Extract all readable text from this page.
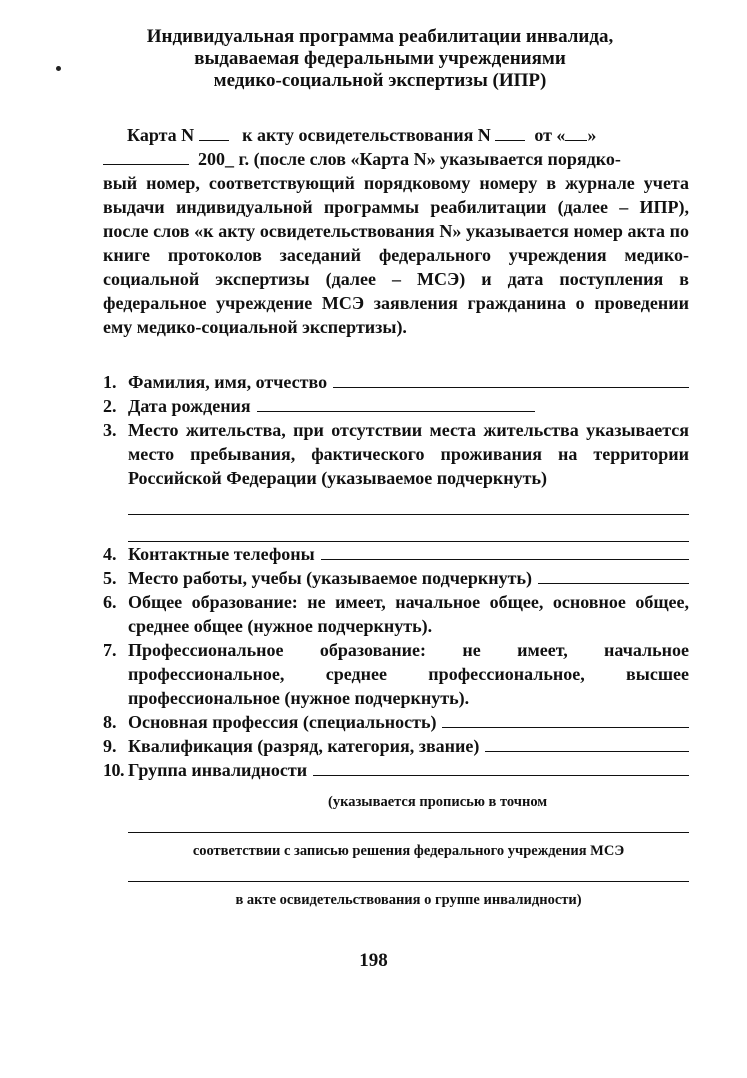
Индивидуальная программа реабилитации инвалида,
выдаваемая федеральными учреждениями
медико-социальной экспертизы (ИПР)
Карта N	к акту освидетельствования N от « »
200_ г. (после слов «Карта N» указывается порядко-
вый номер, соответствующий порядковому номеру в журнале учета выдачи индивидуальной программы реабилитации (далее – ИПР), после слов «к акту освидетельствования N» указывается номер акта по книге протоколов заседаний федерального учреждения медико-социальной экспертизы (далее – МСЭ) и дата поступления в федеральное учреждение МСЭ заявления гражданина о проведении ему медико-социальной экспертизы).
1. Фамилия, имя, отчество
2. Дата рождения
3. Место жительства, при отсутствии места жительства указывается место пребывания, фактического проживания на территории Российской Федерации (указываемое подчеркнуть)
4. Контактные телефоны
5. Место работы, учебы (указываемое подчеркнуть)
6. Общее образование: не имеет, начальное общее, основное общее, среднее общее (нужное подчеркнуть).
7. Профессиональное образование: не имеет, начальное профессиональное, среднее профессиональное, высшее профессиональное (нужное подчеркнуть).
8. Основная профессия (специальность)
9. Квалификация (разряд, категория, звание)
10. Группа инвалидности
(указывается прописью в точном
соответствии с записью решения федерального учреждения МСЭ
в акте освидетельствования о группе инвалидности)
198
